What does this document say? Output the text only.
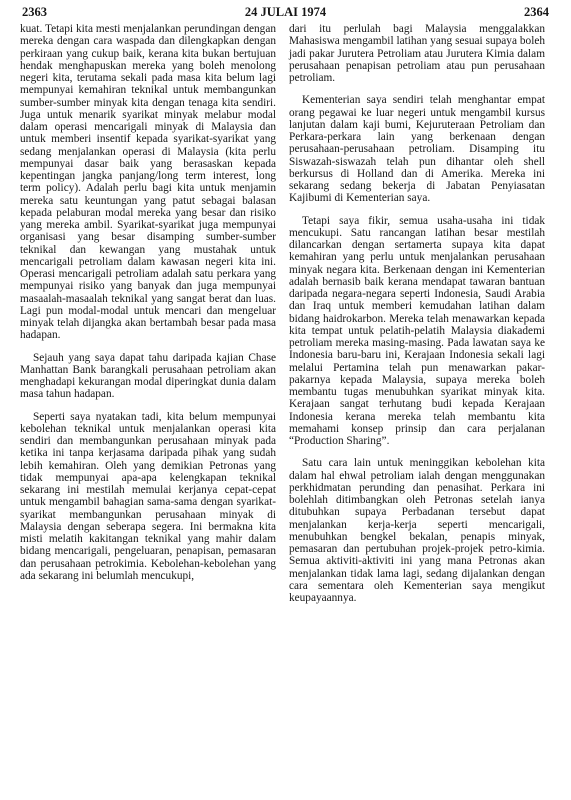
2363	24 JULAI 1974	2364

kuat. Tetapi kita mesti menjalankan perundingan dengan mereka dengan cara waspada dan dilengkapkan dengan perkiraan yang cukup baik, kerana kita bukan bertujuan hendak menghapuskan mereka yang boleh menolong negeri kita, terutama sekali pada masa kita belum lagi mempunyai kemahiran teknikal untuk membangunkan sumber-sumber minyak kita dengan tenaga kita sendiri. Juga untuk menarik syarikat minyak melabur modal dalam operasi mencarigali minyak di Malaysia dan untuk memberi insentif kepada syarikat-syarikat yang sedang menjalankan operasi di Malaysia (kita perlu mempunyai dasar baik yang berasaskan kepada kepentingan jangka panjang/long term interest, long term policy). Adalah perlu bagi kita untuk menjamin mereka satu keuntungan yang patut sebagai balasan kepada pelaburan modal mereka yang besar dan risiko yang mereka ambil. Syarikat-syarikat juga mempunyai organisasi yang besar disamping sumber-sumber teknikal dan kewangan yang mustahak untuk mencarigali petroliam dalam kawasan negeri kita ini. Operasi mencarigali petroliam adalah satu perkara yang mempunyai risiko yang banyak dan juga mempunyai masaalah-masaalah teknikal yang sangat berat dan luas. Lagi pun modal-modal untuk mencari dan mengeluar minyak telah dijangka akan bertambah besar pada masa hadapan.

Sejauh yang saya dapat tahu daripada kajian Chase Manhattan Bank barangkali perusahaan petroliam akan menghadapi kekurangan modal diperingkat dunia dalam masa tahun hadapan.

Seperti saya nyatakan tadi, kita belum mempunyai kebolehan teknikal untuk menjalankan operasi kita sendiri dan membangunkan perusahaan minyak pada ketika ini tanpa kerjasama daripada pihak yang sudah lebih kemahiran. Oleh yang demikian Petronas yang tidak mempunyai apa-apa kelengkapan teknikal sekarang ini mestilah memulai kerjanya cepat-cepat untuk mengambil bahagian sama-sama dengan syarikat-syarikat membangunkan perusahaan minyak di Malaysia dengan seberapa segera. Ini bermakna kita misti melatih kakitangan teknikal yang mahir dalam bidang mencarigali, pengeluaran, penapisan, pemasaran dan perusahaan petrokimia. Kebolehan-kebolehan yang ada sekarang ini belumlah mencukupi,

dari itu perlulah bagi Malaysia menggalakkan Mahasiswa mengambil latihan yang sesuai supaya boleh jadi pakar Jurutera Petroliam atau Jurutera Kimia dalam perusahaan penapisan petroliam atau pun perusahaan petroliam.

Kementerian saya sendiri telah menghantar empat orang pegawai ke luar negeri untuk mengambil kursus lanjutan dalam kaji bumi, Kejuruteraan Petroliam dan Perkara-perkara lain yang berkenaan dengan perusahaan-perusahaan petroliam. Disamping itu Siswazah-siswazah telah pun dihantar oleh shell berkursus di Holland dan di Amerika. Mereka ini sekarang sedang bekerja di Jabatan Penyiasatan Kajibumi di Kementerian saya.

Tetapi saya fikir, semua usaha-usaha ini tidak mencukupi. Satu rancangan latihan besar mestilah dilancarkan dengan sertamerta supaya kita dapat kemahiran yang perlu untuk menjalankan perusahaan minyak negara kita. Berkenaan dengan ini Kementerian adalah bernasib baik kerana mendapat tawaran bantuan daripada negara-negara seperti Indonesia, Saudi Arabia dan Iraq untuk memberi kemudahan latihan dalam bidang haidrokarbon. Mereka telah menawarkan kepada kita tempat untuk pelatih-pelatih Malaysia diakademi petroliam mereka masing-masing. Pada lawatan saya ke Indonesia baru-baru ini, Kerajaan Indonesia sekali lagi melalui Pertamina telah pun menawarkan pakar-pakarnya kepada Malaysia, supaya mereka boleh membantu tugas menubuhkan syarikat minyak kita. Kerajaan sangat terhutang budi kepada Kerajaan Indonesia kerana mereka telah membantu kita memahami konsep prinsip dan cara perjalanan “Production Sharing”.

Satu cara lain untuk meninggikan kebolehan kita dalam hal ehwal petroliam ialah dengan menggunakan perkhidmatan perunding dan penasihat. Perkara ini bolehlah ditimbangkan oleh Petronas setelah ianya ditubuhkan supaya Perbadanan tersebut dapat menjalankan kerja-kerja seperti mencarigali, menubuhkan bengkel bekalan, penapis minyak, pemasaran dan pertubuhan projek-projek petro-kimia. Semua aktiviti-aktiviti ini yang mana Petronas akan menjalankan tidak lama lagi, sedang dijalankan dengan cara sementara oleh Kementerian saya mengikut keupayaannya.
